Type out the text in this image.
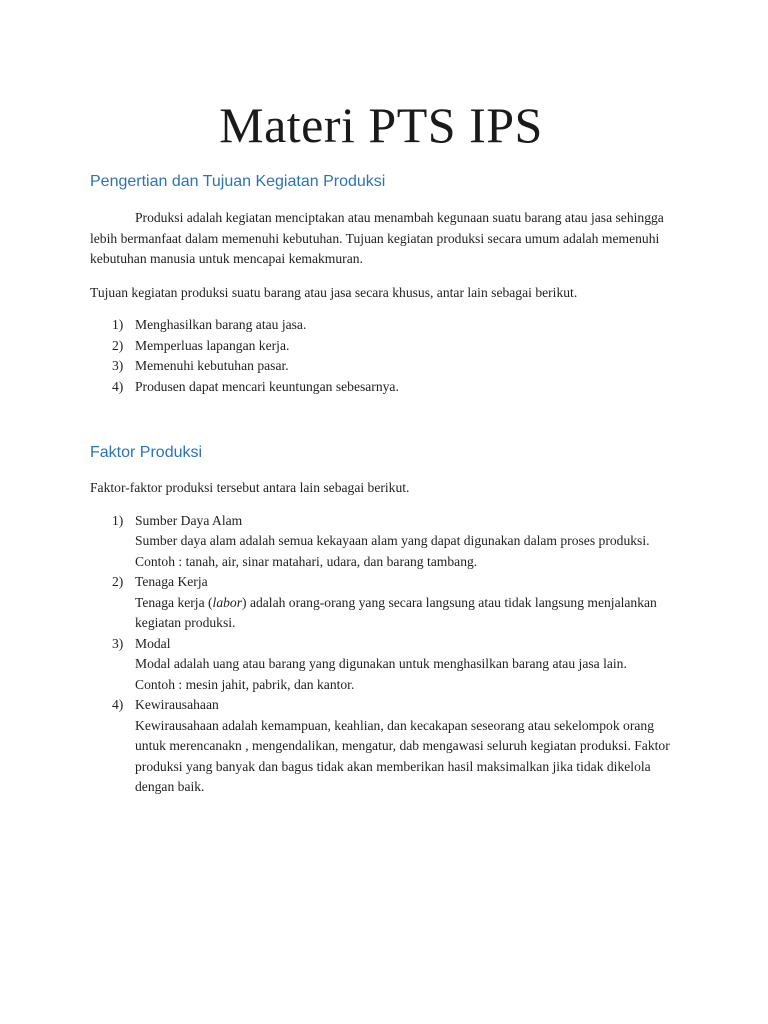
Materi PTS IPS
Pengertian dan Tujuan Kegiatan Produksi

Produksi adalah kegiatan menciptakan atau menambah kegunaan suatu barang atau jasa sehingga lebih bermanfaat dalam memenuhi kebutuhan. Tujuan kegiatan produksi secara umum adalah memenuhi kebutuhan manusia untuk mencapai kemakmuran.

Tujuan kegiatan produksi suatu barang atau jasa secara khusus, antar lain sebagai berikut.

1) Menghasilkan barang atau jasa.
2) Memperluas lapangan kerja.
3) Memenuhi kebutuhan pasar.
4) Produsen dapat mencari keuntungan sebesarnya.
Faktor Produksi

Faktor-faktor produksi tersebut antara lain sebagai berikut.

1) Sumber Daya Alam
Sumber daya alam adalah semua kekayaan alam yang dapat digunakan dalam proses produksi.
Contoh : tanah, air, sinar matahari, udara, dan barang tambang.
2) Tenaga Kerja
Tenaga kerja (labor) adalah orang-orang yang secara langsung atau tidak langsung menjalankan kegiatan produksi.
3) Modal
Modal adalah uang atau barang yang digunakan untuk menghasilkan barang atau jasa lain.
Contoh : mesin jahit, pabrik, dan kantor.
4) Kewirausahaan
Kewirausahaan adalah kemampuan, keahlian, dan kecakapan seseorang atau sekelompok orang untuk merencanakn , mengendalikan, mengatur, dab mengawasi seluruh kegiatan produksi. Faktor produksi yang banyak dan bagus tidak akan memberikan hasil maksimalkan jika tidak dikelola dengan baik.
